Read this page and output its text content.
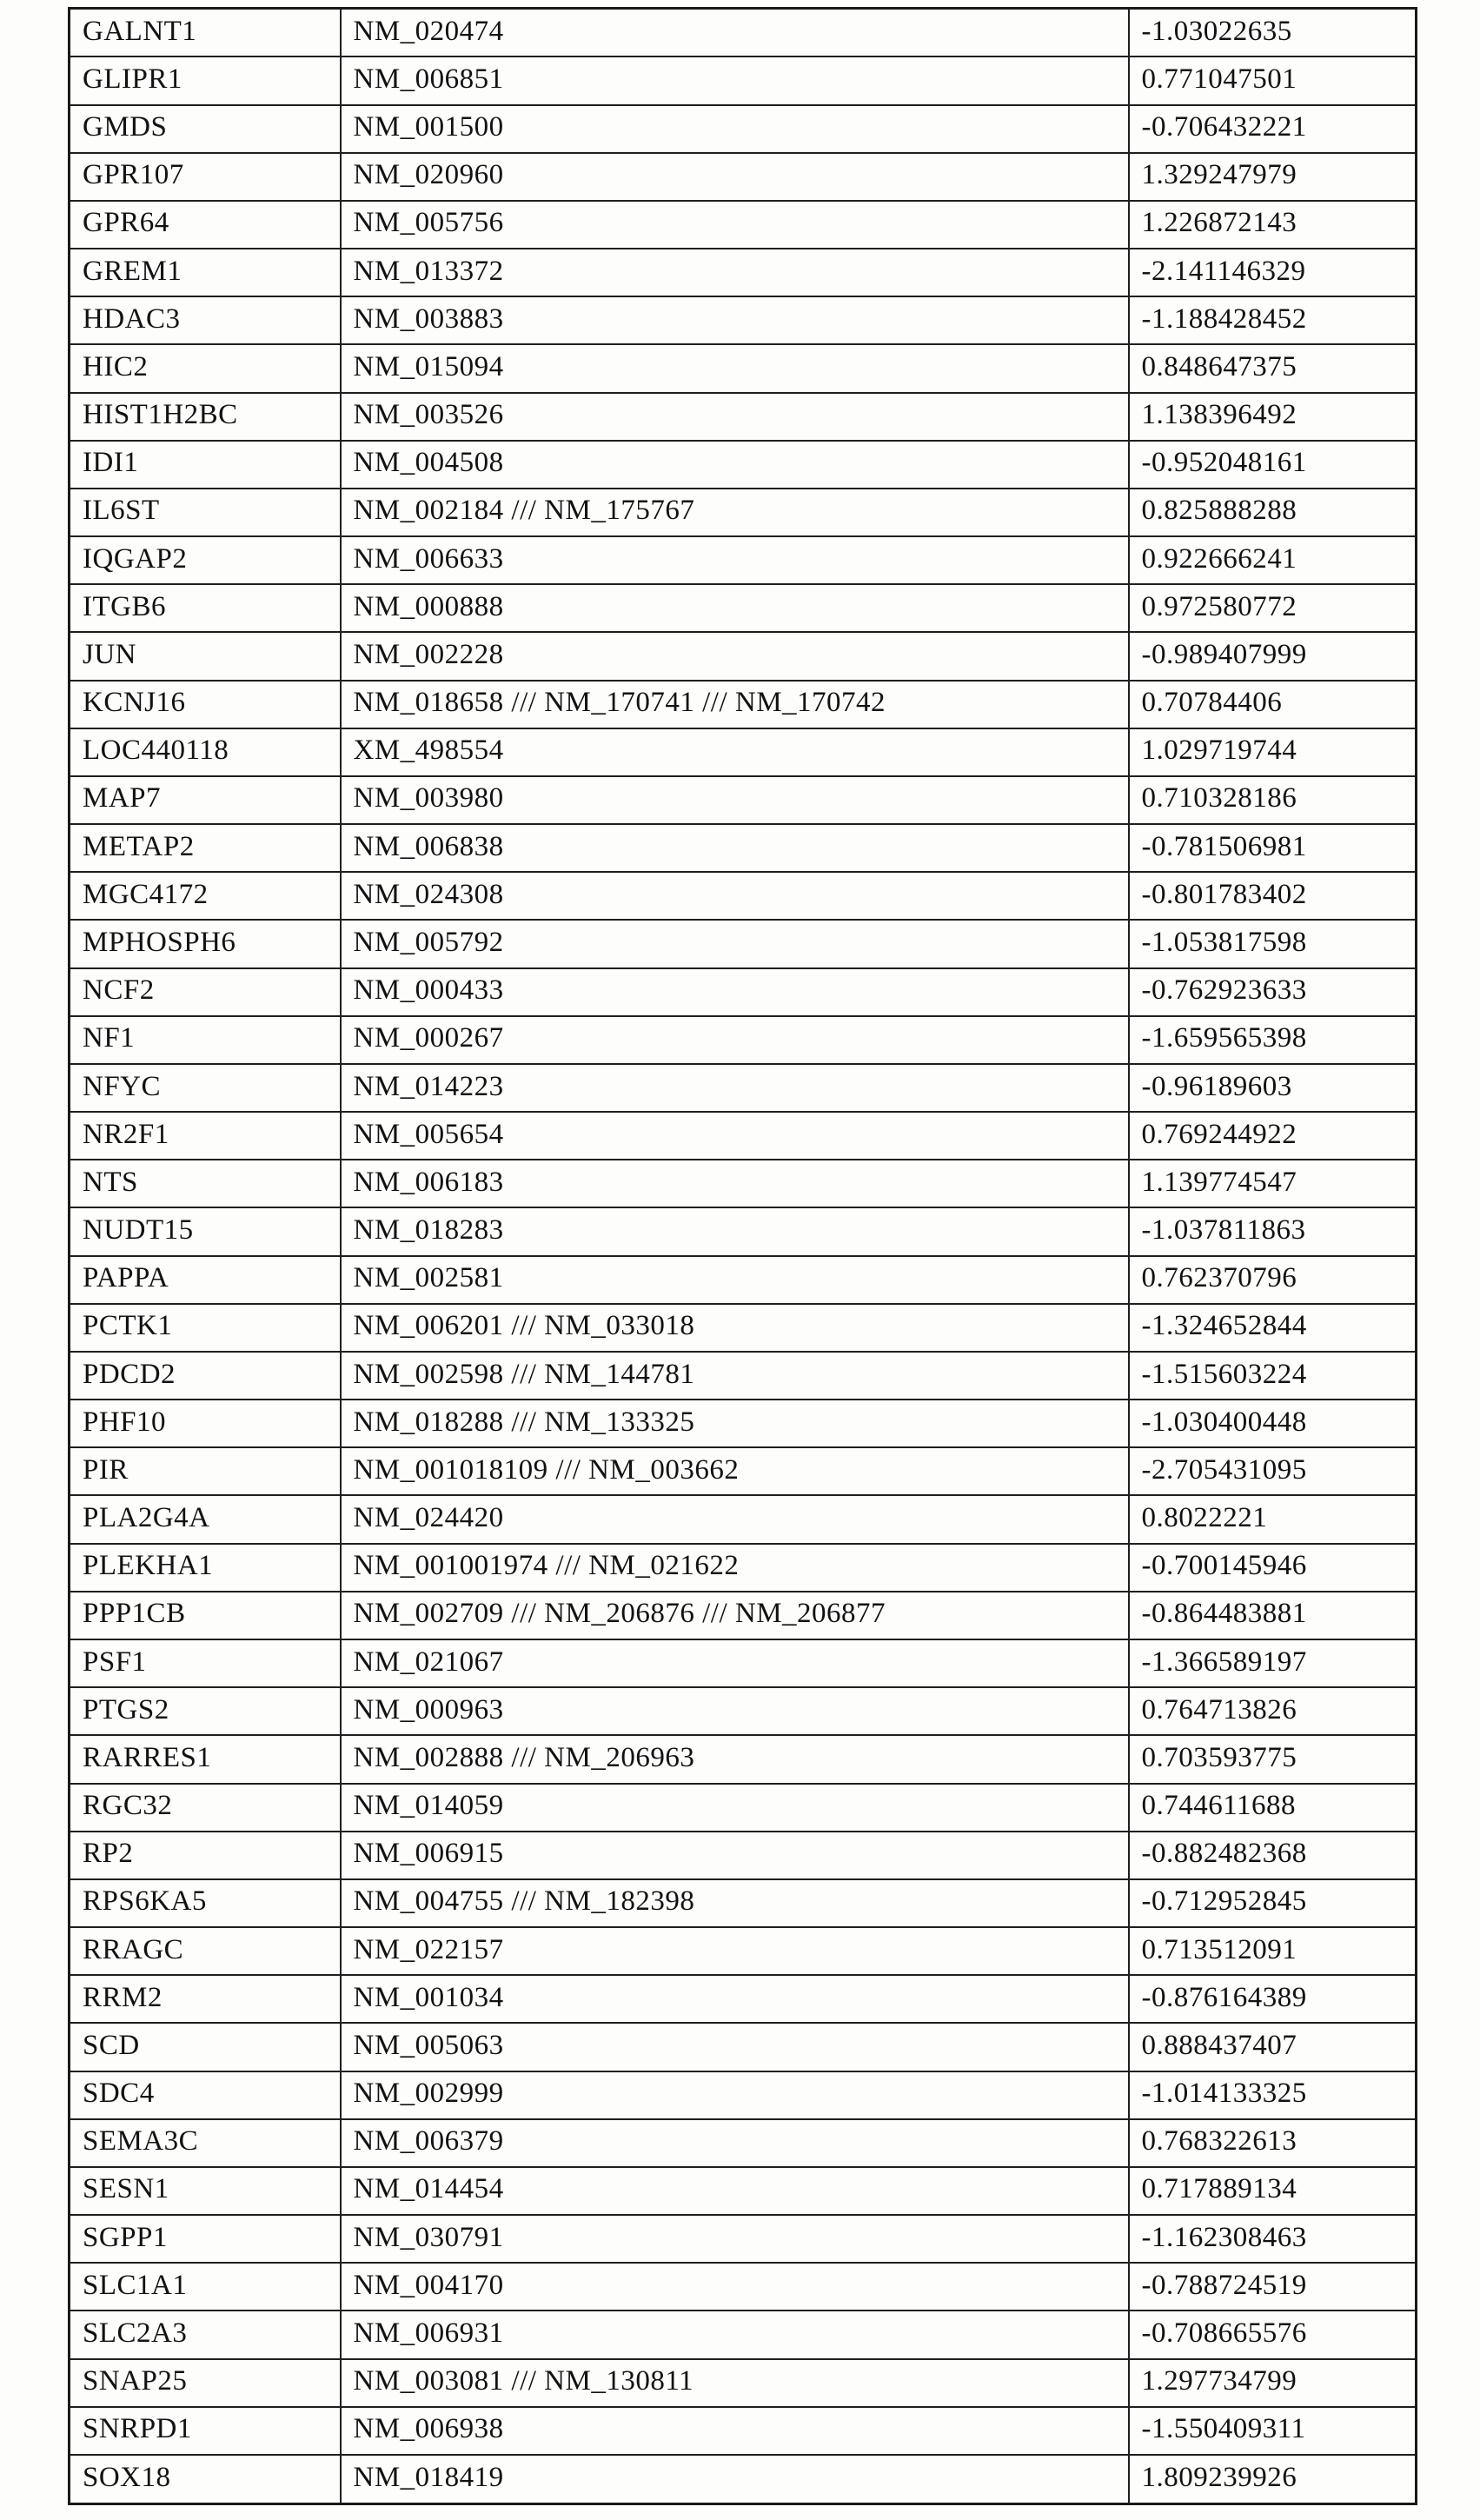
GALNT1	NM_020474	-1.03022635
GLIPR1	NM_006851	0.771047501
GMDS	NM_001500	-0.706432221
GPR107	NM_020960	1.329247979
GPR64	NM_005756	1.226872143
GREM1	NM_013372	-2.141146329
HDAC3	NM_003883	-1.188428452
HIC2	NM_015094	0.848647375
HIST1H2BC	NM_003526	1.138396492
IDI1	NM_004508	-0.952048161
IL6ST	NM_002184 /// NM_175767	0.825888288
IQGAP2	NM_006633	0.922666241
ITGB6	NM_000888	0.972580772
JUN	NM_002228	-0.989407999
KCNJ16	NM_018658 /// NM_170741 /// NM_170742	0.70784406
LOC440118	XM_498554	1.029719744
MAP7	NM_003980	0.710328186
METAP2	NM_006838	-0.781506981
MGC4172	NM_024308	-0.801783402
MPHOSPH6	NM_005792	-1.053817598
NCF2	NM_000433	-0.762923633
NF1	NM_000267	-1.659565398
NFYC	NM_014223	-0.96189603
NR2F1	NM_005654	0.769244922
NTS	NM_006183	1.139774547
NUDT15	NM_018283	-1.037811863
PAPPA	NM_002581	0.762370796
PCTK1	NM_006201 /// NM_033018	-1.324652844
PDCD2	NM_002598 /// NM_144781	-1.515603224
PHF10	NM_018288 /// NM_133325	-1.030400448
PIR	NM_001018109 /// NM_003662	-2.705431095
PLA2G4A	NM_024420	0.8022221
PLEKHA1	NM_001001974 /// NM_021622	-0.700145946
PPP1CB	NM_002709 /// NM_206876 /// NM_206877	-0.864483881
PSF1	NM_021067	-1.366589197
PTGS2	NM_000963	0.764713826
RARRES1	NM_002888 /// NM_206963	0.703593775
RGC32	NM_014059	0.744611688
RP2	NM_006915	-0.882482368
RPS6KA5	NM_004755 /// NM_182398	-0.712952845
RRAGC	NM_022157	0.713512091
RRM2	NM_001034	-0.876164389
SCD	NM_005063	0.888437407
SDC4	NM_002999	-1.014133325
SEMA3C	NM_006379	0.768322613
SESN1	NM_014454	0.717889134
SGPP1	NM_030791	-1.162308463
SLC1A1	NM_004170	-0.788724519
SLC2A3	NM_006931	-0.708665576
SNAP25	NM_003081 /// NM_130811	1.297734799
SNRPD1	NM_006938	-1.550409311
SOX18	NM_018419	1.809239926
